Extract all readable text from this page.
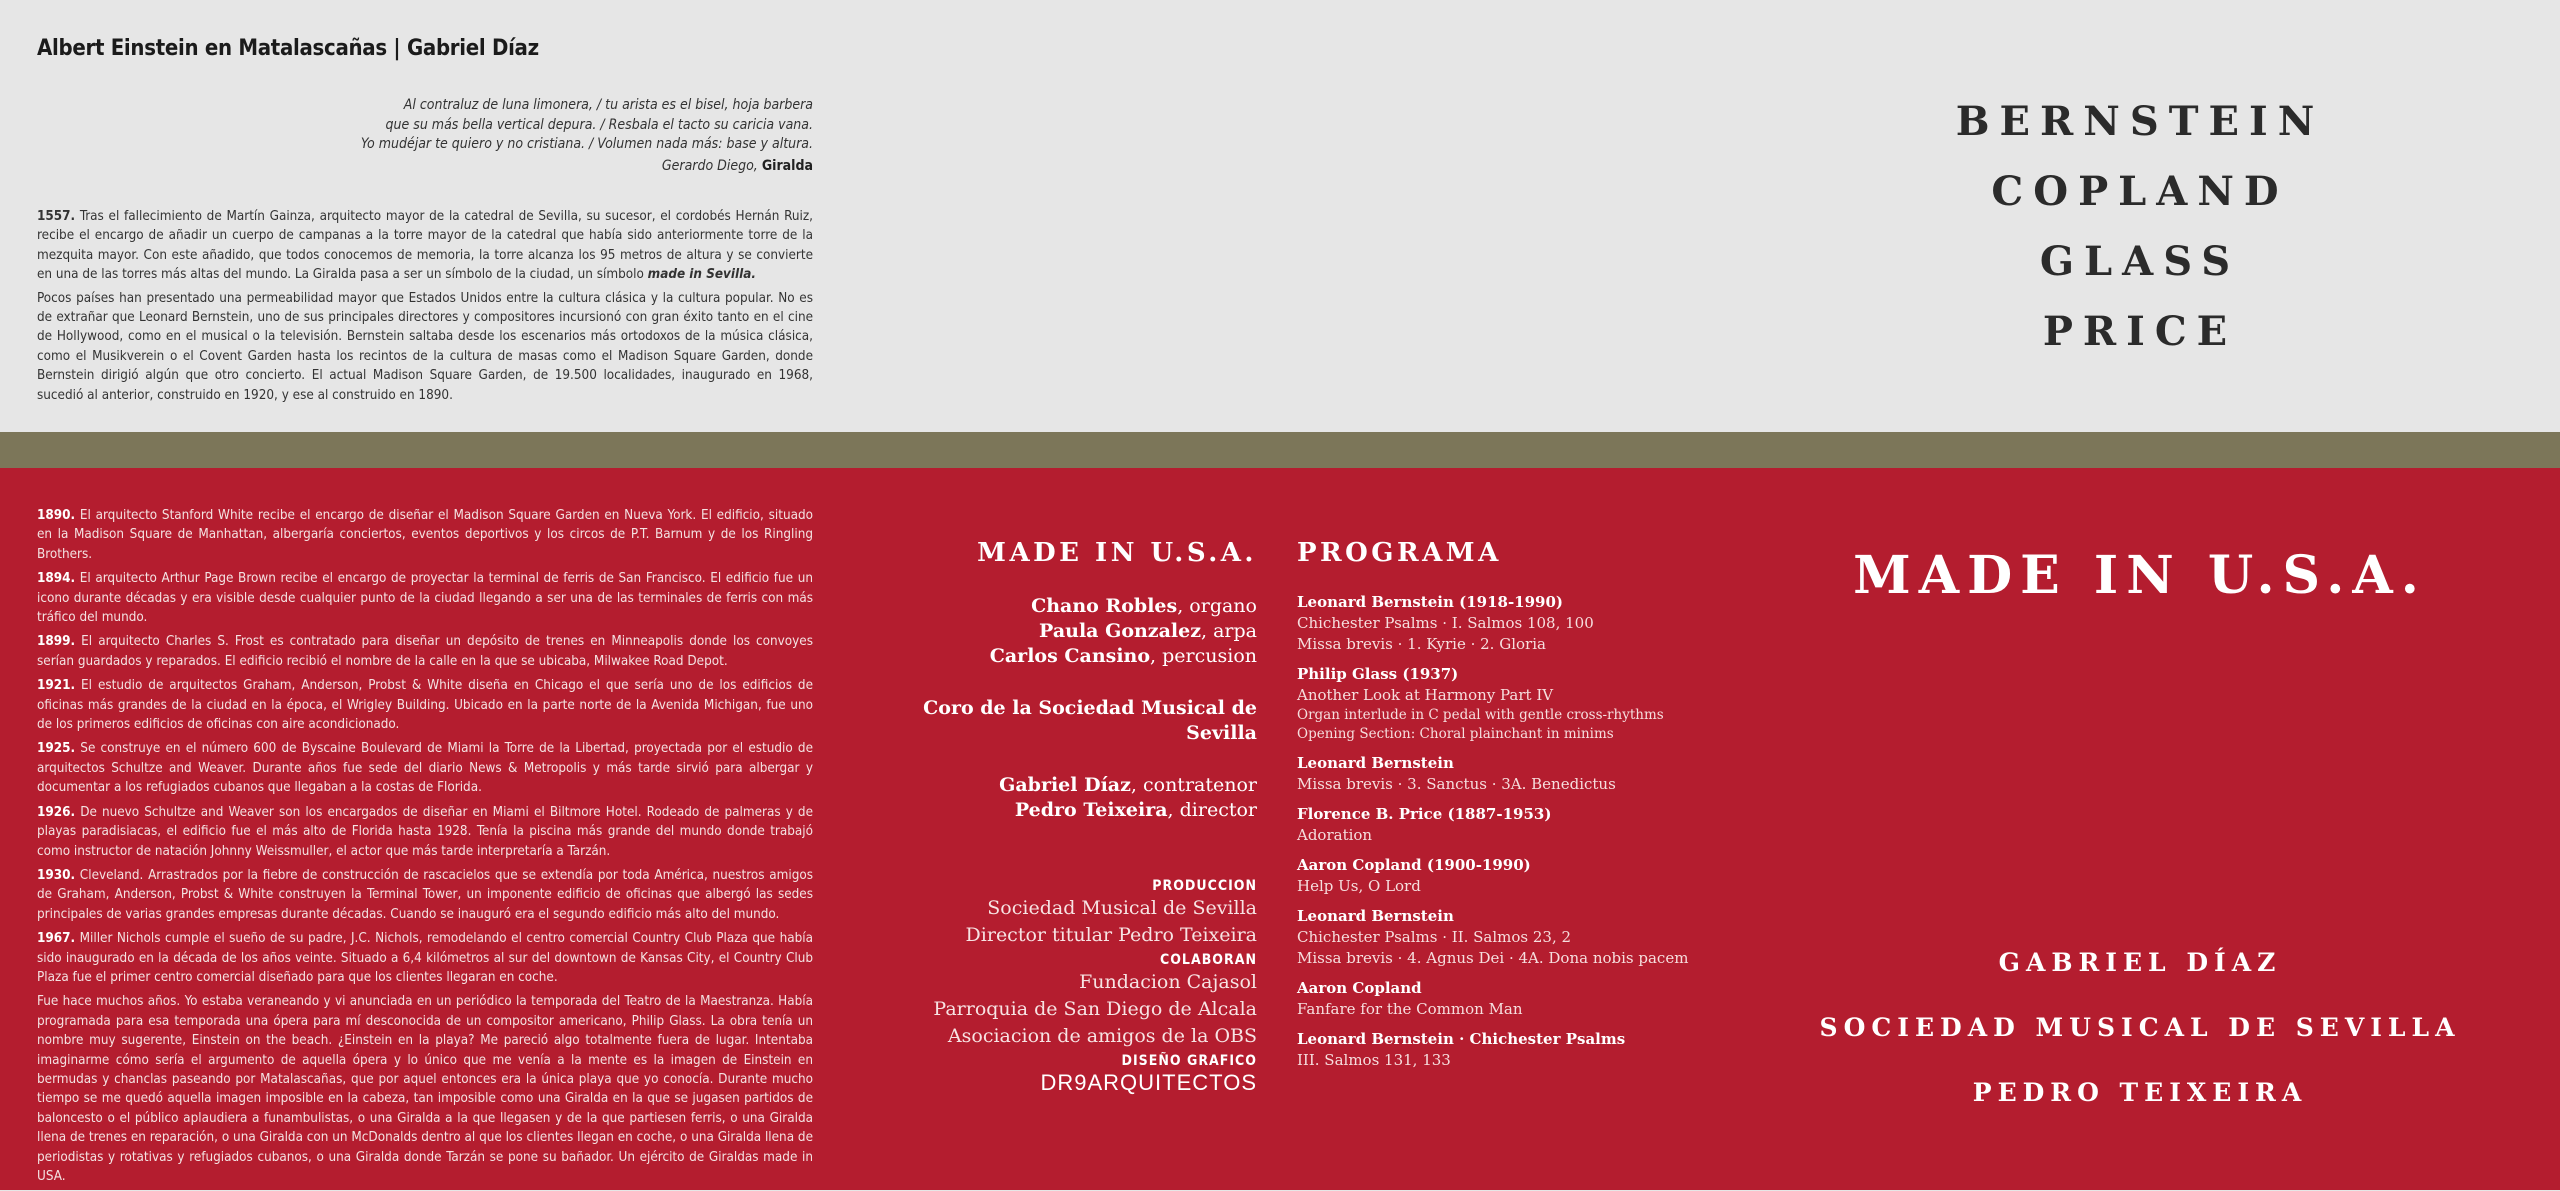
Albert Einstein en Matalascañas | Gabriel Díaz
Al contraluz de luna limonera, / tu arista es el bisel, hoja barbera
que su más bella vertical depura. / Resbala el tacto su caricia vana.
Yo mudéjar te quiero y no cristiana. / Volumen nada más: base y altura.
Gerardo Diego, Giralda

1557. Tras el fallecimiento de Martín Gainza, arquitecto mayor de la catedral de Sevilla, su sucesor, el cordobés Hernán Ruiz, recibe el encargo de añadir un cuerpo de campanas a la torre mayor de la catedral que había sido anteriormente torre de la mezquita mayor. Con este añadido, que todos conocemos de memoria, la torre alcanza los 95 metros de altura y se convierte en una de las torres más altas del mundo. La Giralda pasa a ser un símbolo de la ciudad, un símbolo made in Sevilla.

Pocos países han presentado una permeabilidad mayor que Estados Unidos entre la cultura clásica y la cultura popular. No es de extrañar que Leonard Bernstein, uno de sus principales directores y compositores incursionó con gran éxito tanto en el cine de Hollywood, como en el musical o la televisión. Bernstein saltaba desde los escenarios más ortodoxos de la música clásica, como el Musikverein o el Covent Garden hasta los recintos de la cultura de masas como el Madison Square Garden, donde Bernstein dirigió algún que otro concierto. El actual Madison Square Garden, de 19.500 localidades, inaugurado en 1968, sucedió al anterior, construido en 1920, y ese al construido en 1890.

BERNSTEIN
COPLAND
GLASS
PRICE

1890. El arquitecto Stanford White recibe el encargo de diseñar el Madison Square Garden en Nueva York. El edificio, situado en la Madison Square de Manhattan, albergaría conciertos, eventos deportivos y los circos de P.T. Barnum y de los Ringling Brothers.

1894. El arquitecto Arthur Page Brown recibe el encargo de proyectar la terminal de ferris de San Francisco. El edificio fue un icono durante décadas y era visible desde cualquier punto de la ciudad llegando a ser una de las terminales de ferris con más tráfico del mundo.

1899. El arquitecto Charles S. Frost es contratado para diseñar un depósito de trenes en Minneapolis donde los convoyes serían guardados y reparados. El edificio recibió el nombre de la calle en la que se ubicaba, Milwakee Road Depot.

1921. El estudio de arquitectos Graham, Anderson, Probst & White diseña en Chicago el que sería uno de los edificios de oficinas más grandes de la ciudad en la época, el Wrigley Building. Ubicado en la parte norte de la Avenida Michigan, fue uno de los primeros edificios de oficinas con aire acondicionado.

1925. Se construye en el número 600 de Byscaine Boulevard de Miami la Torre de la Libertad, proyectada por el estudio de arquitectos Schultze and Weaver. Durante años fue sede del diario News & Metropolis y más tarde sirvió para albergar y documentar a los refugiados cubanos que llegaban a la costas de Florida.

1926. De nuevo Schultze and Weaver son los encargados de diseñar en Miami el Biltmore Hotel. Rodeado de palmeras y de playas paradisiacas, el edificio fue el más alto de Florida hasta 1928. Tenía la piscina más grande del mundo donde trabajó como instructor de natación Johnny Weissmuller, el actor que más tarde interpretaría a Tarzán.

1930. Cleveland. Arrastrados por la fiebre de construcción de rascacielos que se extendía por toda América, nuestros amigos de Graham, Anderson, Probst & White construyen la Terminal Tower, un imponente edificio de oficinas que albergó las sedes principales de varias grandes empresas durante décadas. Cuando se inauguró era el segundo edificio más alto del mundo.

1967. Miller Nichols cumple el sueño de su padre, J.C. Nichols, remodelando el centro comercial Country Club Plaza que había sido inaugurado en la década de los años veinte. Situado a 6,4 kilómetros al sur del downtown de Kansas City, el Country Club Plaza fue el primer centro comercial diseñado para que los clientes llegaran en coche.

Fue hace muchos años. Yo estaba veraneando y vi anunciada en un periódico la temporada del Teatro de la Maestranza. Había programada para esa temporada una ópera para mí desconocida de un compositor americano, Philip Glass. La obra tenía un nombre muy sugerente, Einstein on the beach. ¿Einstein en la playa? Me pareció algo totalmente fuera de lugar. Intentaba imaginarme cómo sería el argumento de aquella ópera y lo único que me venía a la mente es la imagen de Einstein en bermudas y chanclas paseando por Matalascañas, que por aquel entonces era la única playa que yo conocía. Durante mucho tiempo se me quedó aquella imagen imposible en la cabeza, tan imposible como una Giralda en la que se jugasen partidos de baloncesto o el público aplaudiera a funambulistas, o una Giralda a la que llegasen y de la que partiesen ferris, o una Giralda llena de trenes en reparación, o una Giralda con un McDonalds dentro al que los clientes llegan en coche, o una Giralda llena de periodistas y rotativas y refugiados cubanos, o una Giralda donde Tarzán se pone su bañador. Un ejército de Giraldas made in USA.

MADE IN U.S.A.
Chano Robles, organo
Paula Gonzalez, arpa
Carlos Cansino, percusion
Coro de la Sociedad Musical de Sevilla
Gabriel Díaz, contratenor
Pedro Teixeira, director
PRODUCCION
Sociedad Musical de Sevilla
Director titular Pedro Teixeira
COLABORAN
Fundacion Cajasol
Parroquia de San Diego de Alcala
Asociacion de amigos de la OBS
DISEÑO GRAFICO
DR9ARQUITECTOS
PROGRAMA
Leonard Bernstein (1918-1990)
Chichester Psalms · I. Salmos 108, 100
Missa brevis · 1. Kyrie · 2. Gloria
Philip Glass (1937)
Another Look at Harmony Part IV
Organ interlude in C pedal with gentle cross-rhythms
Opening Section: Choral plainchant in minims
Leonard Bernstein
Missa brevis · 3. Sanctus · 3A. Benedictus
Florence B. Price (1887-1953)
Adoration
Aaron Copland (1900-1990)
Help Us, O Lord
Leonard Bernstein
Chichester Psalms · II. Salmos 23, 2
Missa brevis · 4. Agnus Dei · 4A. Dona nobis pacem
Aaron Copland
Fanfare for the Common Man
Leonard Bernstein · Chichester Psalms
III. Salmos 131, 133
MADE IN U.S.A.
GABRIEL DÍAZ
SOCIEDAD MUSICAL DE SEVILLA
PEDRO TEIXEIRA
